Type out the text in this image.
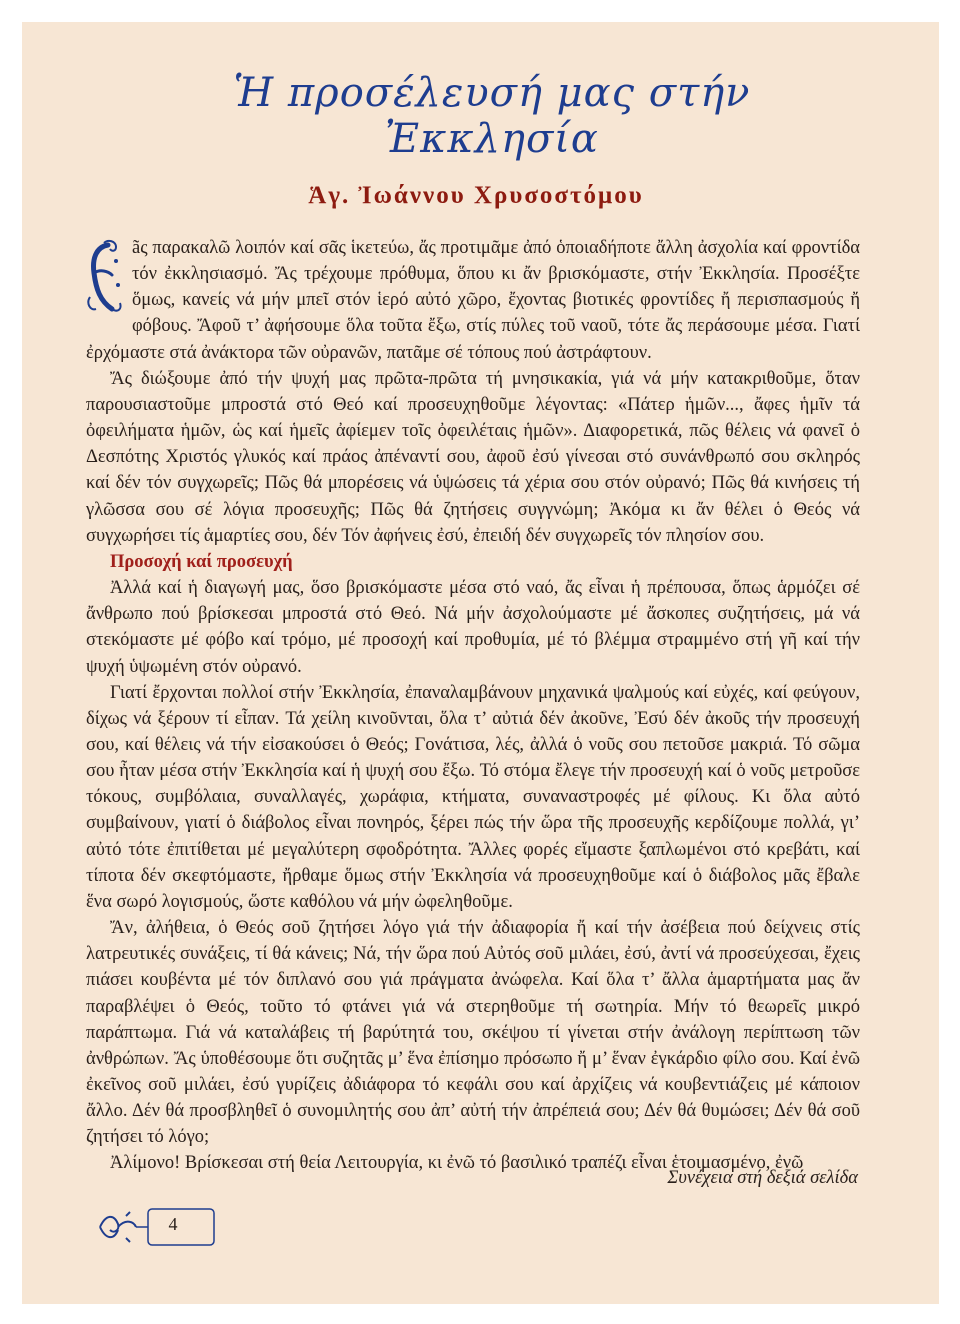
Ἡ προσέλευσή μας στήν Ἐκκλησία
Ἁγ. Ἰωάννου Χρυσοστόμου

ãς παρακαλῶ λοιπόν καί σᾶς ἱκετεύω, ἄς προτιμᾶμε ἀπό ὁποιαδήποτε ἄλλη ἀσχολία καί φροντίδα τόν ἐκκλησιασμό. Ἄς τρέχουμε πρόθυμα, ὅπου κι ἄν βρισκόμαστε, στήν Ἐκκλησία. Προσέξτε ὅμως, κανείς νά μήν μπεῖ στόν ἱερό αὐτό χῶρο, ἔχοντας βιοτικές φροντίδες ἤ περισπασμούς ἤ φόβους. Ἄφοῦ τ’ ἀφήσουμε ὅλα τοῦτα ἔξω, στίς πύλες τοῦ ναοῦ, τότε ἄς περάσουμε μέσα. Γιατί ἐρχόμαστε στά ἀνάκτορα τῶν οὐρανῶν, πατᾶμε σέ τόπους πού ἀστράφτουν.

Ἄς διώξουμε ἀπό τήν ψυχή μας πρῶτα-πρῶτα τή μνησικακία, γιά νά μήν κατακριθοῦμε, ὅταν παρουσιαστοῦμε μπροστά στό Θεό καί προσευχηθοῦμε λέγοντας: «Πάτερ ἡμῶν..., ἄφες ἡμῖν τά ὀφειλήματα ἡμῶν, ὡς καί ἡμεῖς ἀφίεμεν τοῖς ὀφειλέταις ἡμῶν». Διαφορετικά, πῶς θέλεις νά φανεῖ ὁ Δεσπότης Χριστός γλυκός καί πράος ἀπέναντί σου, ἀφοῦ ἐσύ γίνεσαι στό συνάνθρωπό σου σκληρός καί δέν τόν συγχωρεῖς; Πῶς θά μπορέσεις νά ὑψώσεις τά χέρια σου στόν οὐρανό; Πῶς θά κινήσεις τή γλῶσσα σου σέ λόγια προσευχῆς; Πῶς θά ζητήσεις συγγνώμη; Ἀκόμα κι ἄν θέλει ὁ Θεός νά συγχωρήσει τίς ἁμαρτίες σου, δέν Τόν ἀφήνεις ἐσύ, ἐπειδή δέν συγχωρεῖς τόν πλησίον σου.

Προσοχή καί προσευχή

Ἀλλά καί ἡ διαγωγή μας, ὅσο βρισκόμαστε μέσα στό ναό, ἄς εἶναι ἡ πρέπουσα, ὅπως ἁρμόζει σέ ἄνθρωπο πού βρίσκεσαι μπροστά στό Θεό. Νά μήν ἀσχολούμαστε μέ ἄσκοπες συζητήσεις, μά νά στεκόμαστε μέ φόβο καί τρόμο, μέ προσοχή καί προθυμία, μέ τό βλέμμα στραμμένο στή γῆ καί τήν ψυχή ὑψωμένη στόν οὐρανό.

Γιατί ἔρχονται πολλοί στήν Ἐκκλησία, ἐπαναλαμβάνουν μηχανικά ψαλμούς καί εὐχές, καί φεύγουν, δίχως νά ξέρουν τί εἶπαν. Τά χείλη κινοῦνται, ὅλα τ’ αὐτιά δέν ἀκοῦνε, Ἐσύ δέν ἀκοῦς τήν προσευχή σου, καί θέλεις νά τήν εἰσακούσει ὁ Θεός; Γονάτισα, λές, ἀλλά ὁ νοῦς σου πετοῦσε μακριά. Τό σῶμα σου ἦταν μέσα στήν Ἐκκλησία καί ἡ ψυχή σου ἔξω. Τό στόμα ἔλεγε τήν προσευχή καί ὁ νοῦς μετροῦσε τόκους, συμβόλαια, συναλλαγές, χωράφια, κτήματα, συναναστροφές μέ φίλους. Κι ὅλα αὐτό συμβαίνουν, γιατί ὁ διάβολος εἶναι πονηρός, ξέρει πώς τήν ὥρα τῆς προσευχῆς κερδίζουμε πολλά, γι’ αὐτό τότε ἐπιτίθεται μέ μεγαλύτερη σφοδρότητα. Ἄλλες φορές εἴμαστε ξαπλωμένοι στό κρεβάτι, καί τίποτα δέν σκεφτόμαστε, ἤρθαμε ὅμως στήν Ἐκκλησία νά προσευχηθοῦμε καί ὁ διάβολος μᾶς ἔβαλε ἕνα σωρό λογισμούς, ὥστε καθόλου νά μήν ὠφεληθοῦμε.

Ἄν, ἀλήθεια, ὁ Θεός σοῦ ζητήσει λόγο γιά τήν ἀδιαφορία ἤ καί τήν ἀσέβεια πού δείχνεις στίς λατρευτικές συνάξεις, τί θά κάνεις; Νά, τήν ὥρα πού Αὐτός σοῦ μιλάει, ἐσύ, ἀντί νά προσεύχεσαι, ἔχεις πιάσει κουβέντα μέ τόν διπλανό σου γιά πράγματα ἀνώφελα. Καί ὅλα τ’ ἄλλα ἁμαρτήματα μας ἄν παραβλέψει ὁ Θεός, τοῦτο τό φτάνει γιά νά στερηθοῦμε τή σωτηρία. Μήν τό θεωρεῖς μικρό παράπτωμα. Γιά νά καταλάβεις τή βαρύτητά του, σκέψου τί γίνεται στήν ἀνάλογη περίπτωση τῶν ἀνθρώπων. Ἄς ὑποθέσουμε ὅτι συζητᾶς μ’ ἕνα ἐπίσημο πρόσωπο ἤ μ’ ἕναν ἐγκάρδιο φίλο σου. Καί ἐνῶ ἐκεῖνος σοῦ μιλάει, ἐσύ γυρίζεις ἀδιάφορα τό κεφάλι σου καί ἀρχίζεις νά κουβεντιάζεις μέ κάποιον ἄλλο. Δέν θά προσβληθεῖ ὁ συνομιλητής σου ἀπ’ αὐτή τήν ἀπρέπειά σου; Δέν θά θυμώσει; Δέν θά σοῦ ζητήσει τό λόγο;

Ἀλίμονο! Βρίσκεσαι στή θεία Λειτουργία, κι ἐνῶ τό βασιλικό τραπέζι εἶναι ἑτοιμασμένο, ἐνῶ

Συνέχεια στή δεξιά σελίδα
4
